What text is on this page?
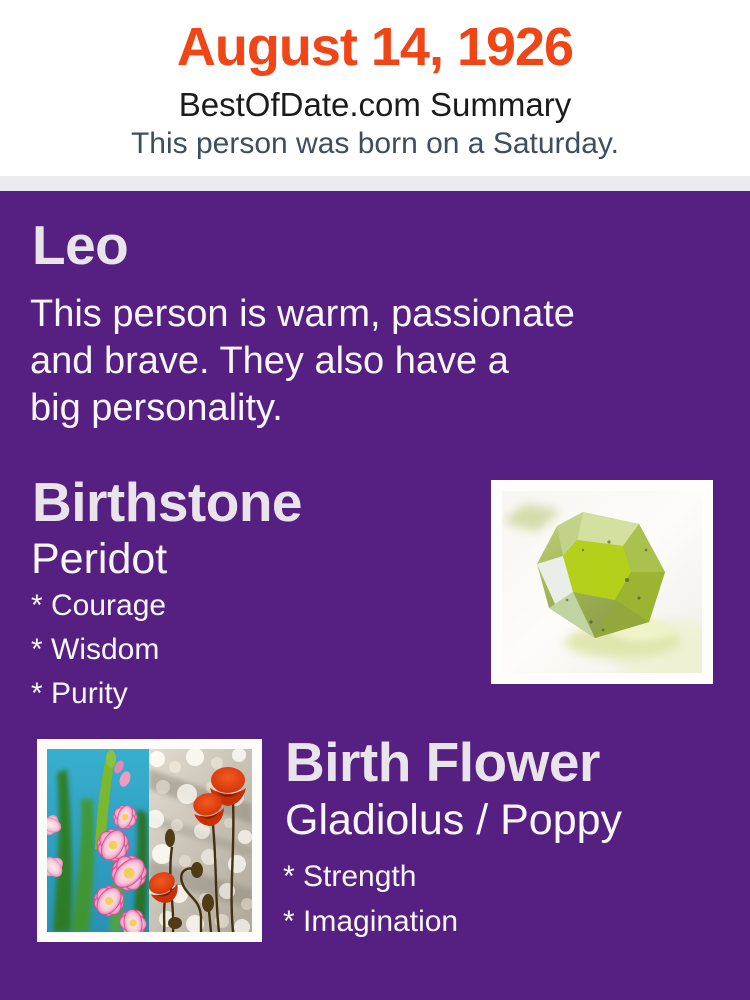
August 14, 1926
BestOfDate.com Summary

This person was born on a Saturday.

Leo
This person is warm, passionate
and brave. They also have a
big personality.
Birthstone
Peridot
* Courage
* Wisdom
* Purity
Birth Flower
Gladiolus / Poppy
* Strength
* Imagination
